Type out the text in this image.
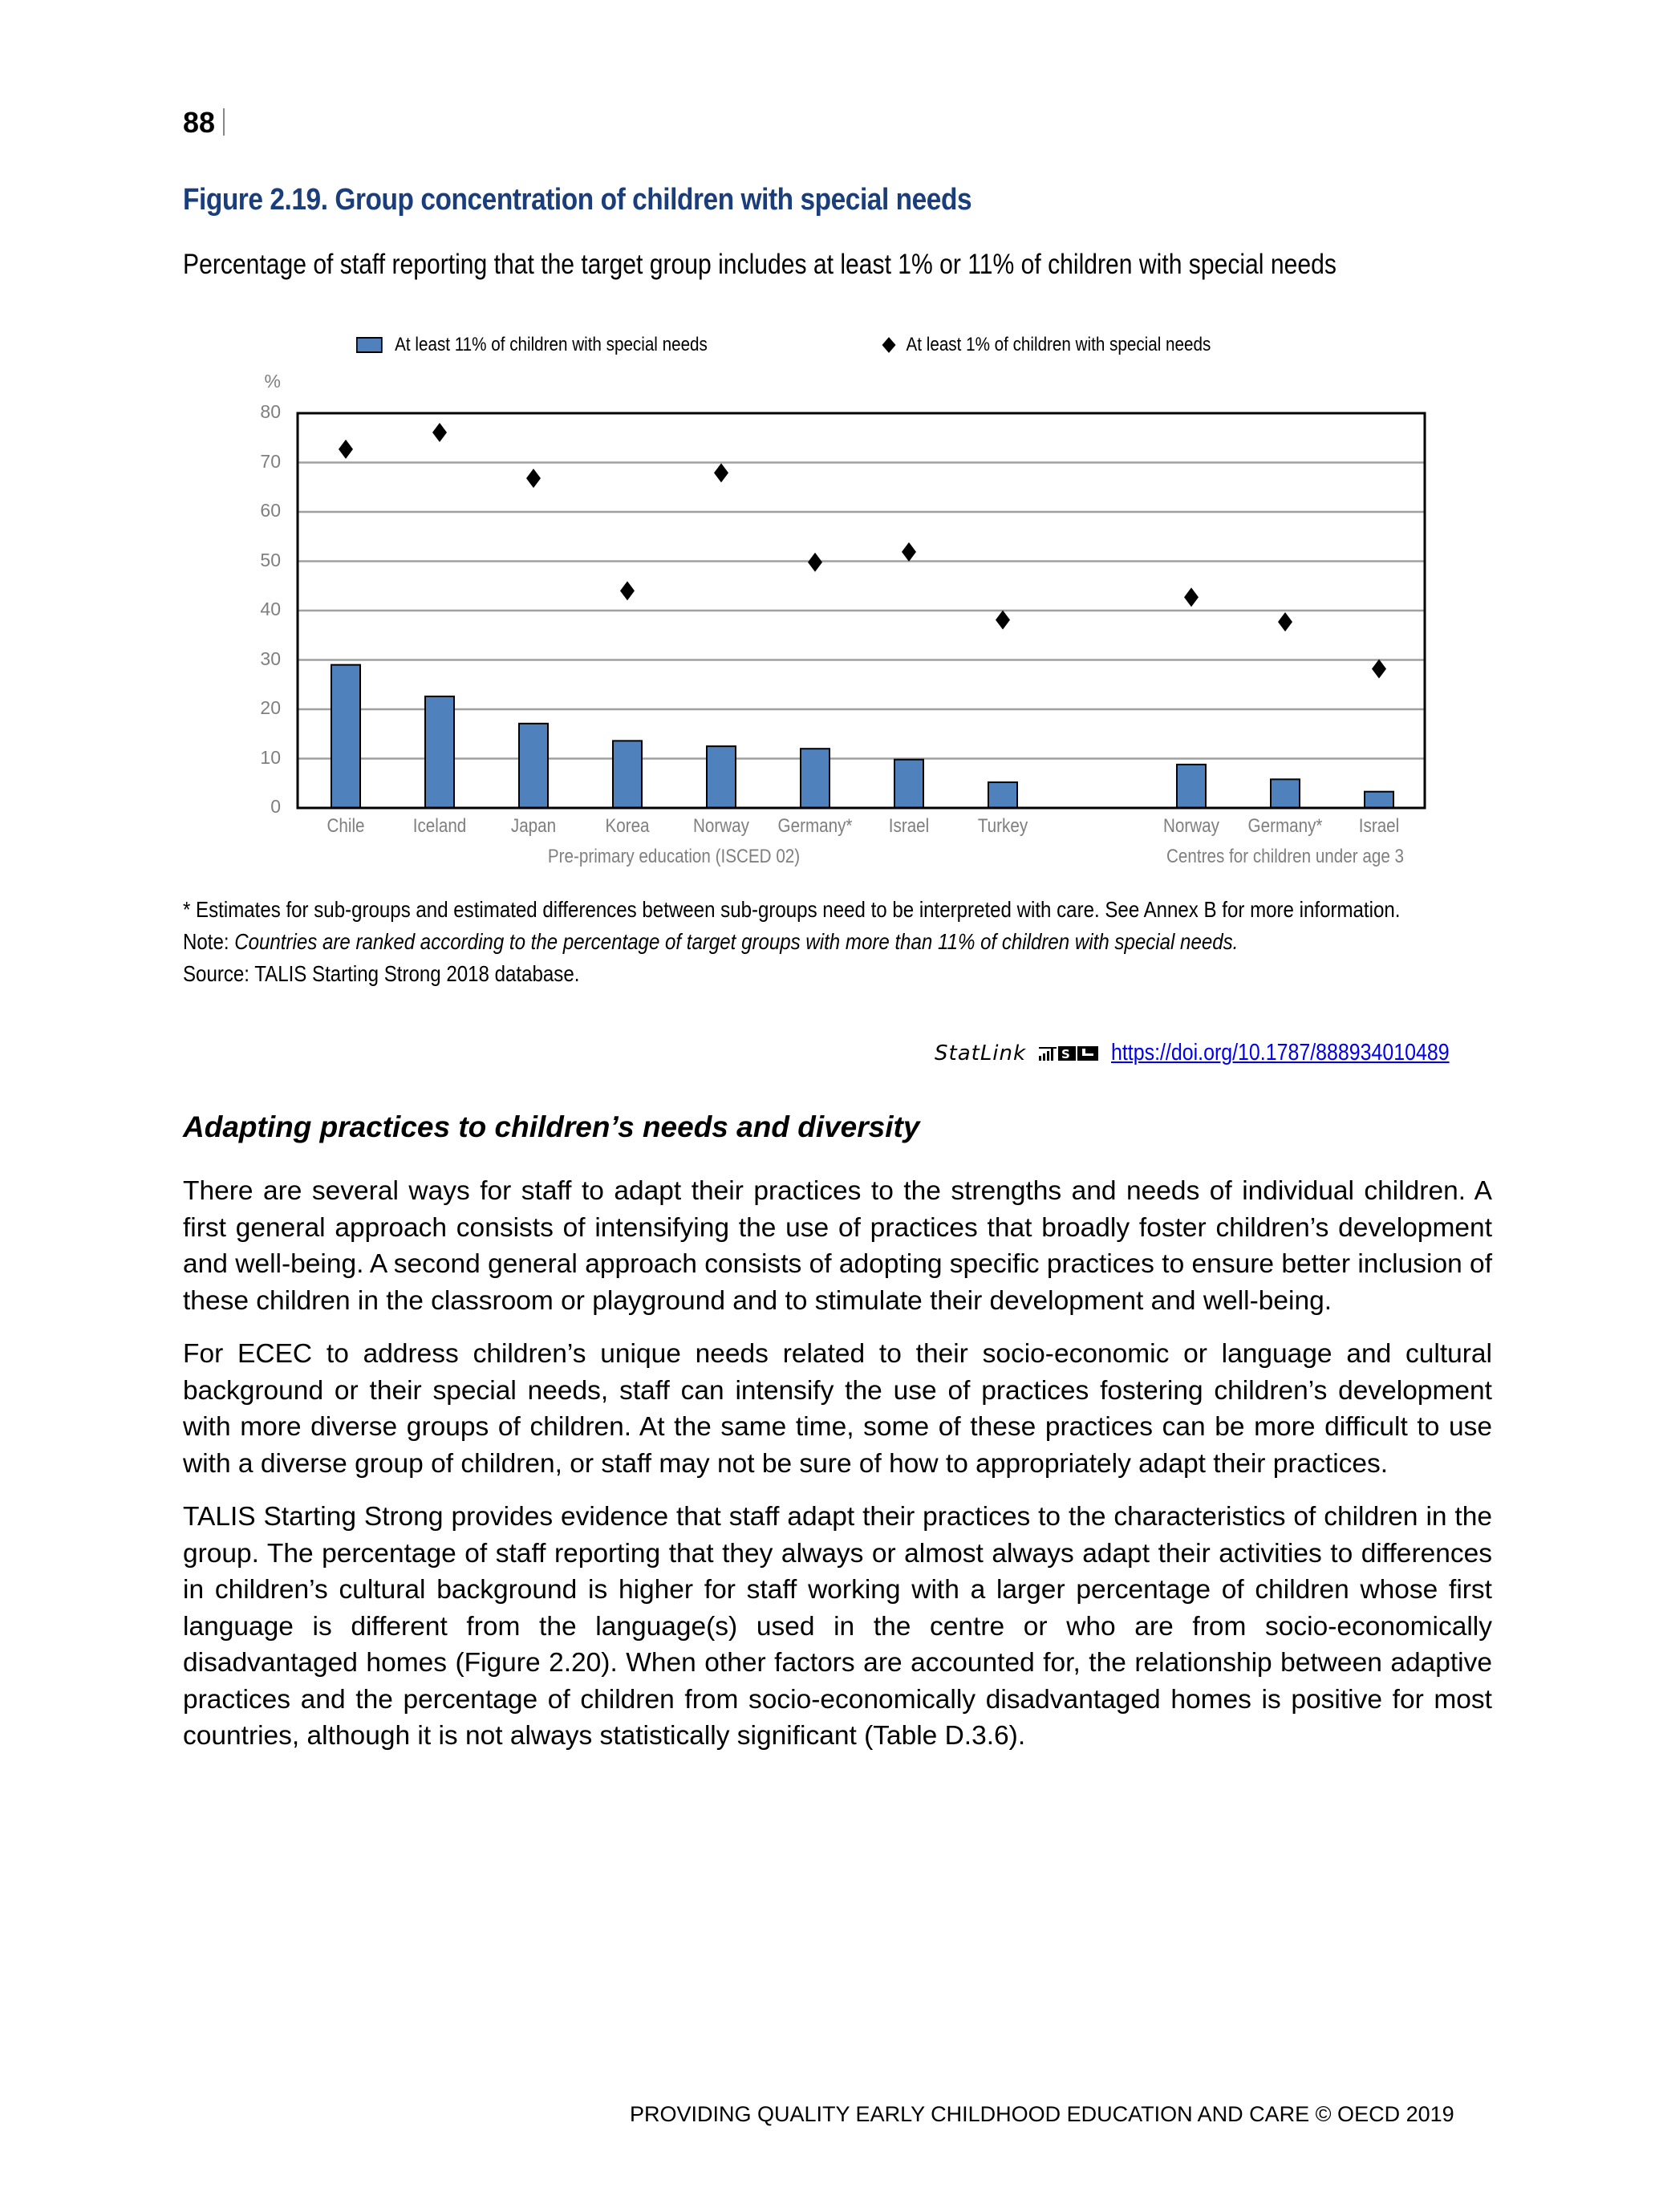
88
Figure 2.19. Group concentration of children with special needs
Percentage of staff reporting that the target group includes at least 1% or 11% of children with special needs
At least 11% of children with special needs	At least 1% of children with special needs
%
Pre-primary education (ISCED 02)	Centres for children under age 3
* Estimates for sub-groups and estimated differences between sub-groups need to be interpreted with care. See Annex B for more information.
Note: Countries are ranked according to the percentage of target groups with more than 11% of children with special needs.
Source: TALIS Starting Strong 2018 database.
StatLink	S https://doi.org/10.1787/888934010489
Adapting practices to children’s needs and diversity

There are several ways for staff to adapt their practices to the strengths and needs of individual children. A first general approach consists of intensifying the use of practices that broadly foster children’s development and well-being. A second general approach consists of adopting specific practices to ensure better inclusion of these children in the classroom or playground and to stimulate their development and well-being.

For ECEC to address children’s unique needs related to their socio-economic or language and cultural background or their special needs, staff can intensify the use of practices fostering children’s development with more diverse groups of children. At the same time, some of these practices can be more difficult to use with a diverse group of children, or staff may not be sure of how to appropriately adapt their practices.

TALIS Starting Strong provides evidence that staff adapt their practices to the characteristics of children in the group. The percentage of staff reporting that they always or almost always adapt their activities to differences in children’s cultural background is higher for staff working with a larger percentage of children whose first language is different from the language(s) used in the centre or who are from socio-economically disadvantaged homes (Figure 2.20). When other factors are accounted for, the relationship between adaptive practices and the percentage of children from socio-economically disadvantaged homes is positive for most countries, although it is not always statistically significant (Table D.3.6).

PROVIDING QUALITY EARLY CHILDHOOD EDUCATION AND CARE © OECD 2019
0
10
20
30
40
50
60
70
80
Chile	Iceland Japan	Korea Norway Germany* Israel	Turkey	Norway Germany* Israel
